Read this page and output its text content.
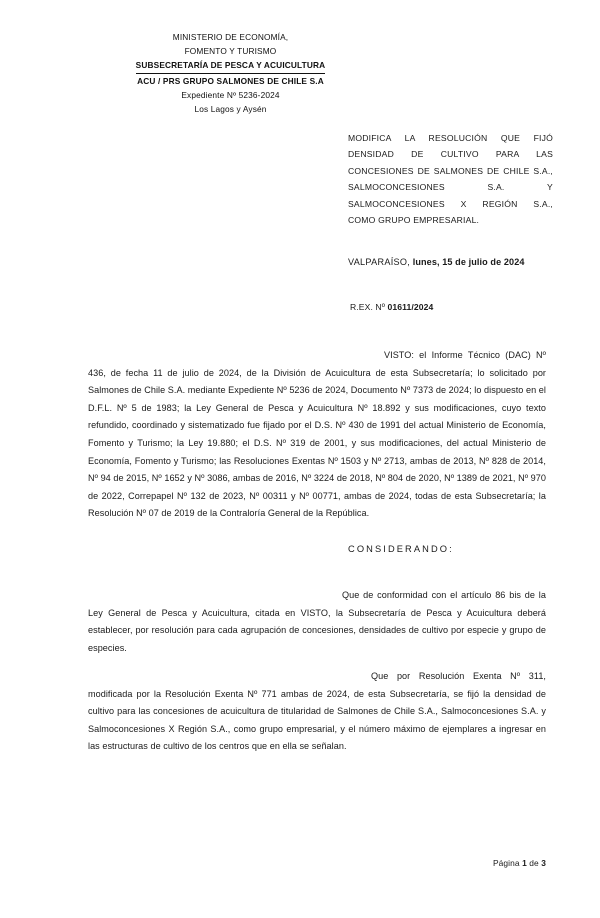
MINISTERIO DE ECONOMÍA,
FOMENTO Y TURISMO
SUBSECRETARÍA DE PESCA Y ACUICULTURA
ACU / PRS GRUPO SALMONES DE CHILE S.A
Expediente Nº 5236-2024
Los Lagos y Aysén
MODIFICA LA RESOLUCIÓN QUE FIJÓ
DENSIDAD DE CULTIVO PARA LAS
CONCESIONES DE SALMONES DE CHILE S.A.,
SALMOCONCESIONES S.A. Y
SALMOCONCESIONES X REGIÓN S.A.,
COMO GRUPO EMPRESARIAL.
VALPARAÍSO, lunes, 15 de julio de 2024
R.EX. Nº 01611/2024
VISTO: el Informe Técnico (DAC) Nº 436, de fecha 11 de julio de 2024, de la División de Acuicultura de esta Subsecretaría; lo solicitado por Salmones de Chile S.A. mediante Expediente Nº 5236 de 2024, Documento Nº 7373 de 2024; lo dispuesto en el D.F.L. Nº 5 de 1983; la Ley General de Pesca y Acuicultura Nº 18.892 y sus modificaciones, cuyo texto refundido, coordinado y sistematizado fue fijado por el D.S. Nº 430 de 1991 del actual Ministerio de Economía, Fomento y Turismo; la Ley 19.880; el D.S. Nº 319 de 2001, y sus modificaciones, del actual Ministerio de Economía, Fomento y Turismo; las Resoluciones Exentas Nº 1503 y Nº 2713, ambas de 2013, Nº 828 de 2014, Nº 94 de 2015, Nº 1652 y Nº 3086, ambas de 2016, Nº 3224 de 2018, Nº 804 de 2020, Nº 1389 de 2021, Nº 970 de 2022, Correpapel Nº 132 de 2023, Nº 00311 y Nº 00771, ambas de 2024, todas de esta Subsecretaría; la Resolución Nº 07 de 2019 de la Contraloría General de la República.
CONSIDERANDO:
Que de conformidad con el artículo 86 bis de la Ley General de Pesca y Acuicultura, citada en VISTO, la Subsecretaría de Pesca y Acuicultura deberá establecer, por resolución para cada agrupación de concesiones, densidades de cultivo por especie y grupo de especies.
Que por Resolución Exenta Nº 311, modificada por la Resolución Exenta Nº 771 ambas de 2024, de esta Subsecretaría, se fijó la densidad de cultivo para las concesiones de acuicultura de titularidad de Salmones de Chile S.A., Salmoconcesiones S.A. y Salmoconcesiones X Región S.A., como grupo empresarial, y el número máximo de ejemplares a ingresar en las estructuras de cultivo de los centros que en ella se señalan.
Página 1 de 3
